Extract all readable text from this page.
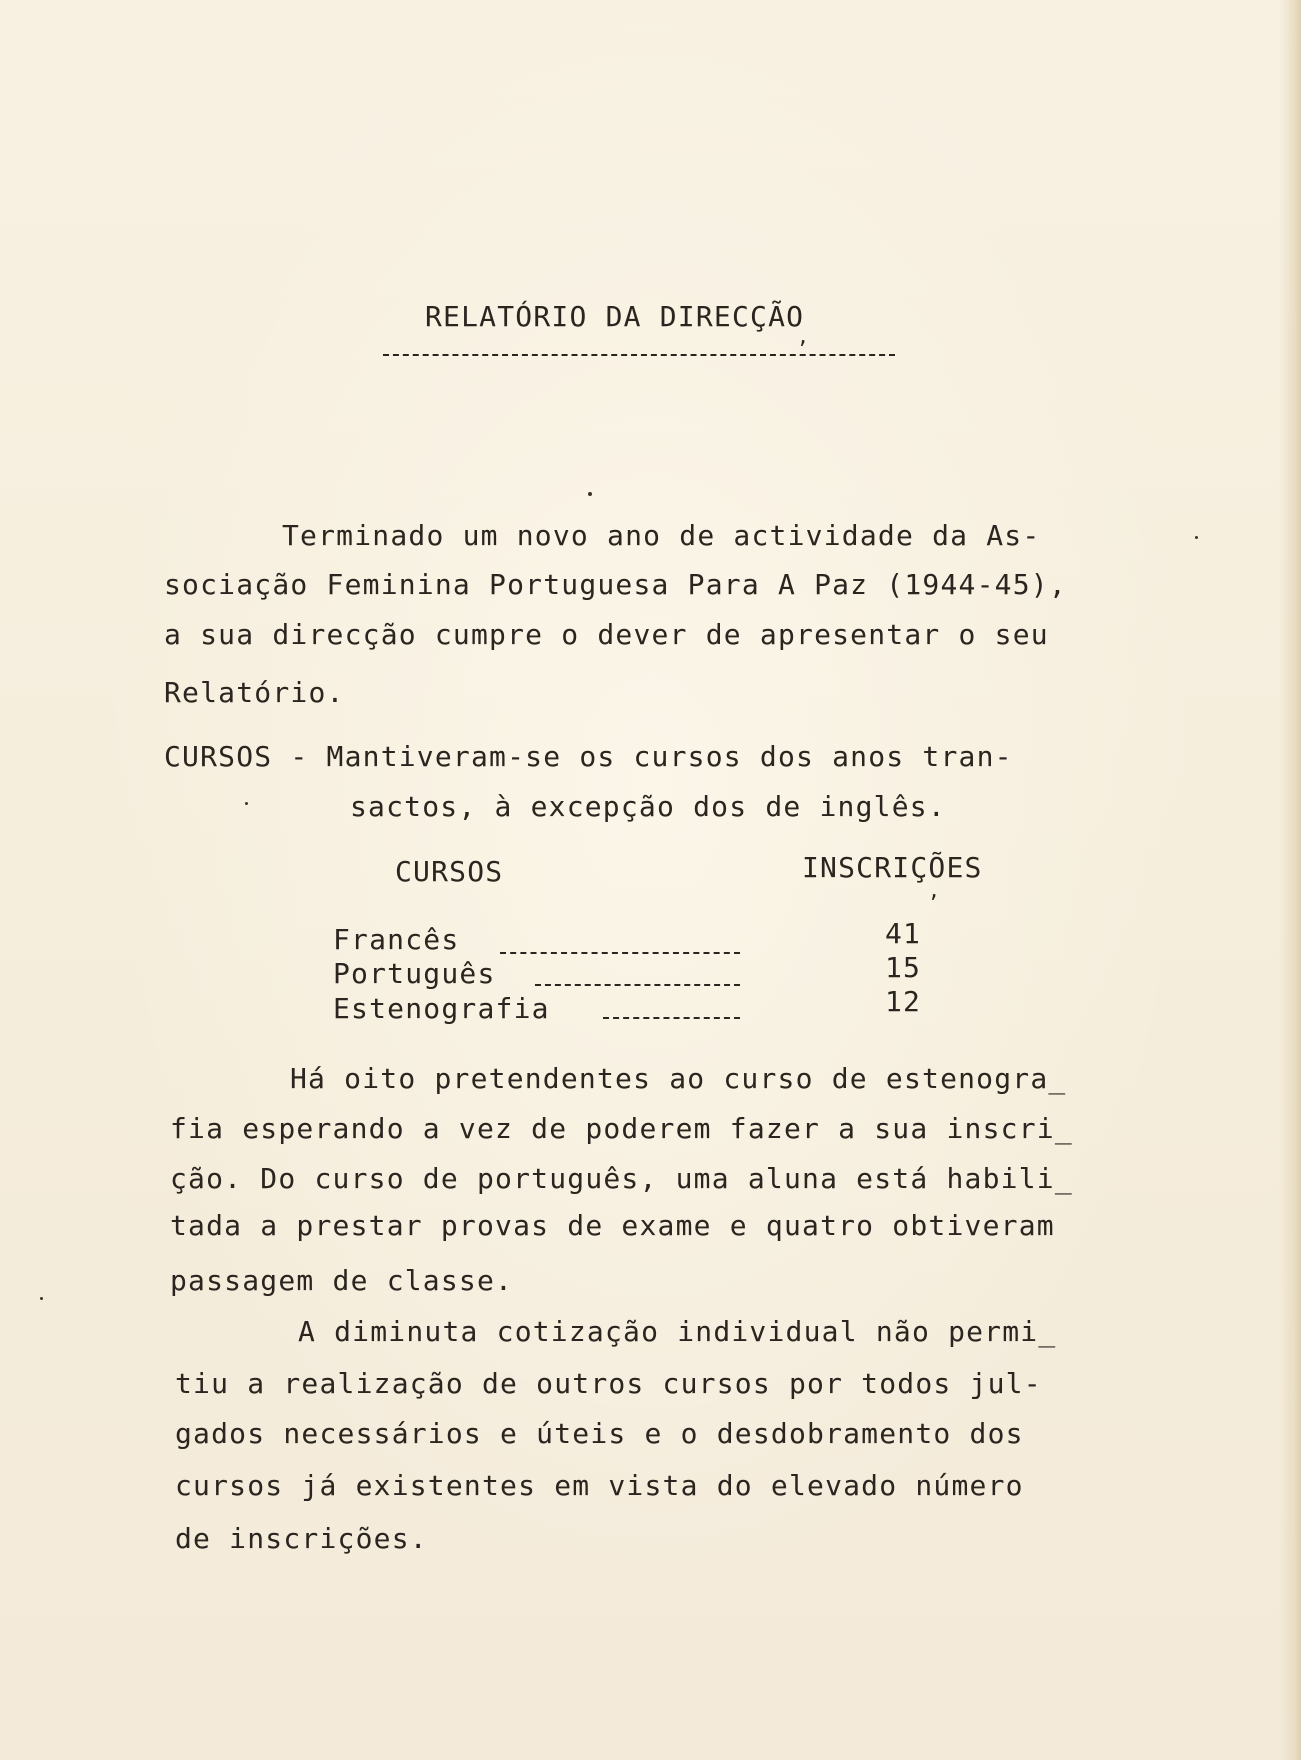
RELATÓRIO DA DIRECÇÃO
,
Terminado um novo ano de actividade da As-
sociação Feminina Portuguesa Para A Paz (1944-45),
a sua direcção cumpre o dever de apresentar o seu
Relatório.
CURSOS - Mantiveram-se os cursos dos anos tran-
sactos, à excepção dos de inglês.
CURSOS	INSCRIÇÕES
,
Francês	41
Português	15
Estenografia	12
Há oito pretendentes ao curso de estenogra_
fia esperando a vez de poderem fazer a sua inscri_
ção. Do curso de português, uma aluna está habili_
tada a prestar provas de exame e quatro obtiveram
passagem de classe.
A diminuta cotização individual não permi_
tiu a realização de outros cursos por todos jul-
gados necessários e úteis e o desdobramento dos
cursos já existentes em vista do elevado número
de inscrições.
